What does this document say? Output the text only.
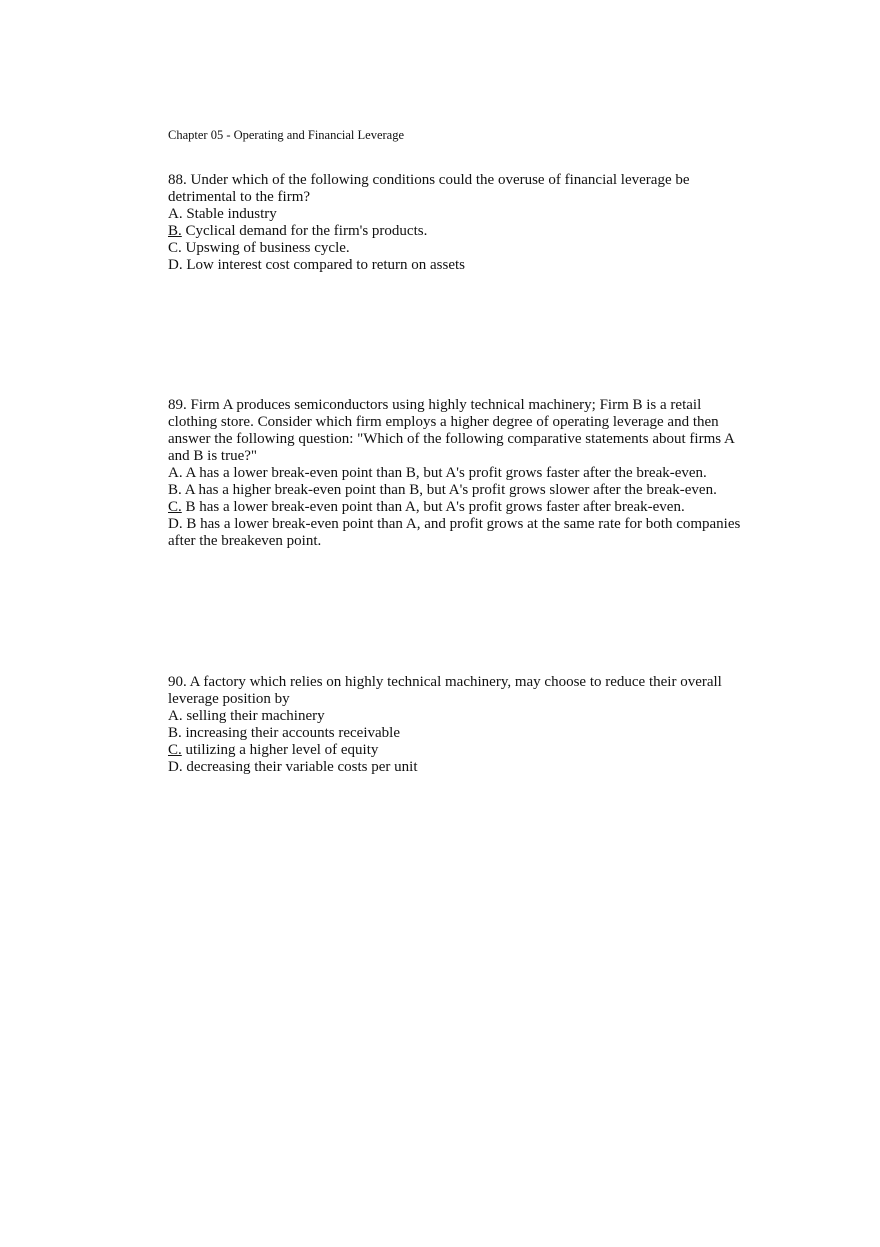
Chapter 05 - Operating and Financial Leverage

88. Under which of the following conditions could the overuse of financial leverage be detrimental to the firm?

A. Stable industry

B. Cyclical demand for the firm's products.

C. Upswing of business cycle.

D. Low interest cost compared to return on assets

89. Firm A produces semiconductors using highly technical machinery; Firm B is a retail clothing store. Consider which firm employs a higher degree of operating leverage and then answer the following question: "Which of the following comparative statements about firms A and B is true?"

A. A has a lower break-even point than B, but A's profit grows faster after the break-even.

B. A has a higher break-even point than B, but A's profit grows slower after the break-even.

C. B has a lower break-even point than A, but A's profit grows faster after break-even.

D. B has a lower break-even point than A, and profit grows at the same rate for both companies after the breakeven point.

90. A factory which relies on highly technical machinery, may choose to reduce their overall leverage position by

A. selling their machinery

B. increasing their accounts receivable

C. utilizing a higher level of equity

D. decreasing their variable costs per unit
